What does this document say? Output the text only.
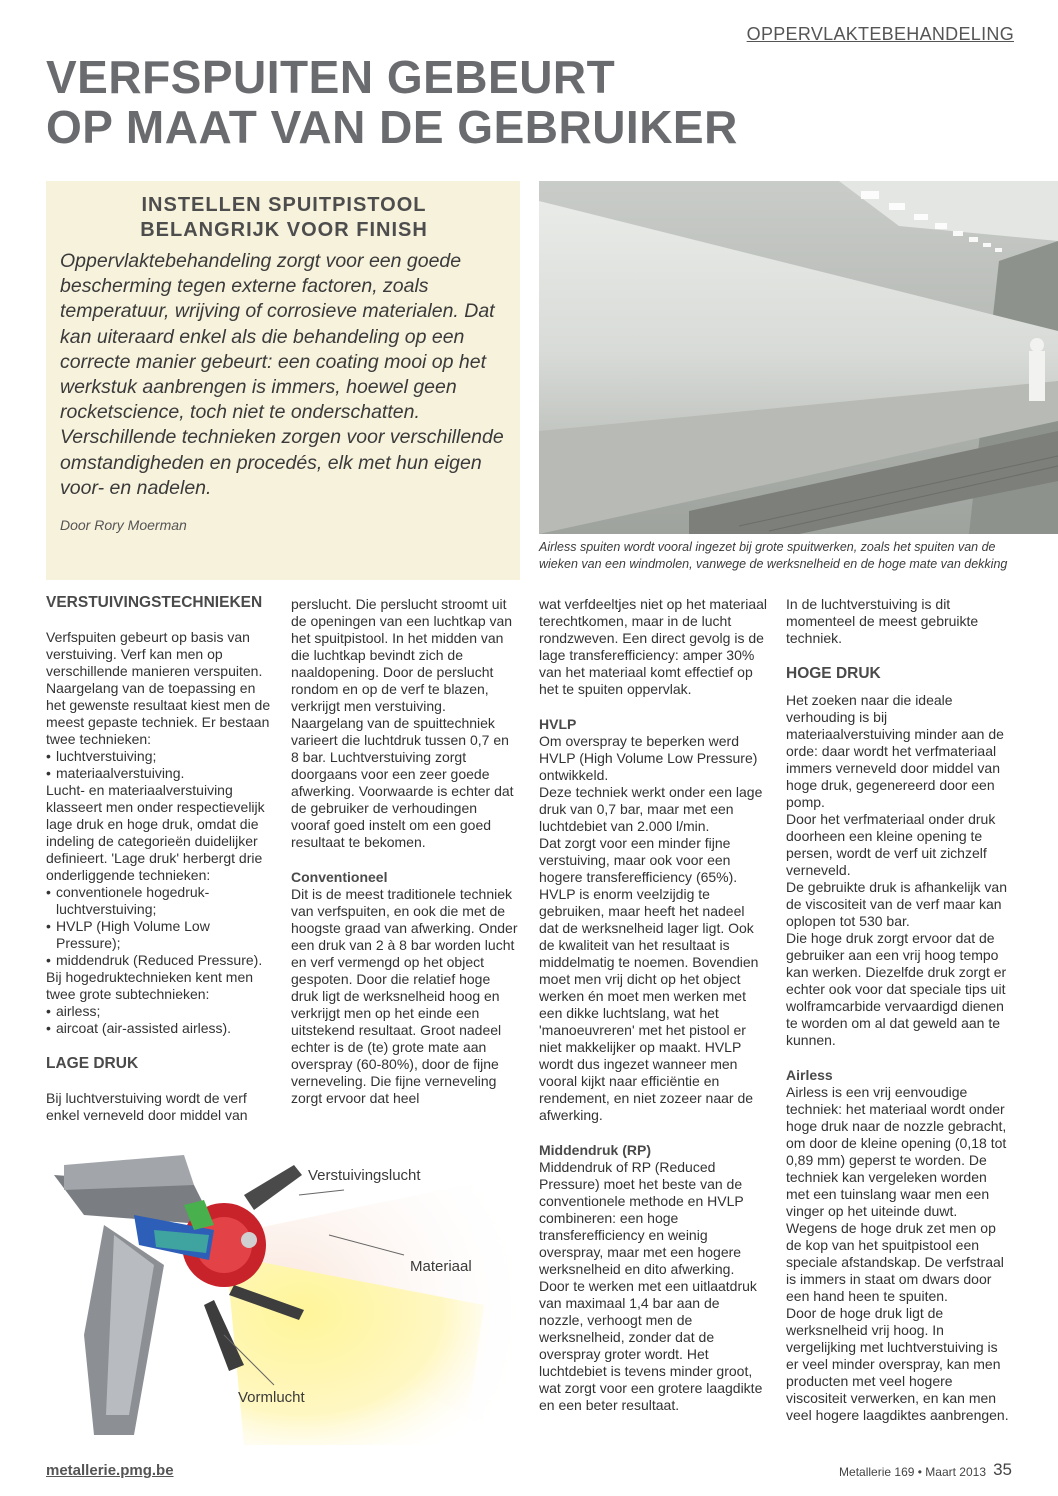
OPPERVLAKTEBEHANDELING
VERFSPUITEN GEBEURT
OP MAAT VAN DE GEBRUIKER
INSTELLEN SPUITPISTOOL
BELANGRIJK VOOR FINISH

Oppervlaktebehandeling zorgt voor een goede bescherming tegen externe factoren, zoals temperatuur, wrijving of corrosieve materialen. Dat kan uiteraard enkel als die behandeling op een correcte manier gebeurt: een coating mooi op het werkstuk aanbrengen is immers, hoewel geen rocketscience, toch niet te onderschatten. Verschillende technieken zorgen voor verschillende omstandigheden en procedés, elk met hun eigen voor- en nadelen.

Door Rory Moerman

Airless spuiten wordt vooral ingezet bij grote spuitwerken, zoals het spuiten van de wieken van een windmolen, vanwege de werksnelheid en de hoge mate van dekking

VERSTUIVINGSTECHNIEKEN

Verfspuiten gebeurt op basis van verstuiving. Verf kan men op verschillende manieren verspuiten. Naargelang van de toepassing en het gewenste resultaat kiest men de meest gepaste techniek. Er bestaan twee technieken:

• luchtverstuiving;
• materiaalverstuiving.

Lucht- en materiaalverstuiving klasseert men onder respectievelijk lage druk en hoge druk, omdat die indeling de categorieën duidelijker definieert. 'Lage druk' herbergt drie onderliggende technieken:

• conventionele hogedruk-luchtverstuiving;
• HVLP (High Volume Low Pressure);
• middendruk (Reduced Pressure).

Bij hogedruktechnieken kent men twee grote subtechnieken:

• airless;
• aircoat (air-assisted airless).

LAGE DRUK

Bij luchtverstuiving wordt de verf enkel verneveld door middel van

perslucht. Die perslucht stroomt uit de openingen van een luchtkap van het spuitpistool. In het midden van die luchtkap bevindt zich de naaldopening. Door de perslucht rondom en op de verf te blazen, verkrijgt men verstuiving. Naargelang van de spuittechniek varieert die luchtdruk tussen 0,7 en 8 bar. Luchtverstuiving zorgt doorgaans voor een zeer goede afwerking. Voorwaarde is echter dat de gebruiker de verhoudingen vooraf goed instelt om een goed resultaat te bekomen.

Conventioneel

Dit is de meest traditionele techniek van verfspuiten, en ook die met de hoogste graad van afwerking. Onder een druk van 2 à 8 bar worden lucht en verf vermengd op het object gespoten. Door die relatief hoge druk ligt de werksnelheid hoog en verkrijgt men op het einde een uitstekend resultaat. Groot nadeel echter is de (te) grote mate aan overspray (60-80%), door de fijne verneveling. Die fijne verneveling zorgt ervoor dat heel

wat verfdeeltjes niet op het materiaal terechtkomen, maar in de lucht rondzweven. Een direct gevolg is de lage transferefficiency: amper 30% van het materiaal komt effectief op het te spuiten oppervlak.

HVLP

Om overspray te beperken werd HVLP (High Volume Low Pressure) ontwikkeld.

Deze techniek werkt onder een lage druk van 0,7 bar, maar met een luchtdebiet van 2.000 l/min.

Dat zorgt voor een minder fijne verstuiving, maar ook voor een hogere transferefficiency (65%). HVLP is enorm veelzijdig te gebruiken, maar heeft het nadeel dat de werksnelheid lager ligt. Ook de kwaliteit van het resultaat is middelmatig te noemen. Bovendien moet men vrij dicht op het object werken én moet men werken met een dikke luchtslang, wat het 'manoeuvreren' met het pistool er niet makkelijker op maakt. HVLP wordt dus ingezet wanneer men vooral kijkt naar efficiëntie en rendement, en niet zozeer naar de afwerking.

Middendruk (RP)

Middendruk of RP (Reduced Pressure) moet het beste van de conventionele methode en HVLP combineren: een hoge transferefficiency en weinig overspray, maar met een hogere werksnelheid en dito afwerking.

Door te werken met een uitlaatdruk van maximaal 1,4 bar aan de nozzle, verhoogt men de werksnelheid, zonder dat de overspray groter wordt. Het luchtdebiet is tevens minder groot, wat zorgt voor een grotere laagdikte en een beter resultaat.

In de luchtverstuiving is dit momenteel de meest gebruikte techniek.

HOGE DRUK

Het zoeken naar die ideale verhouding is bij materiaalverstuiving minder aan de orde: daar wordt het verfmateriaal immers verneveld door middel van hoge druk, gegenereerd door een pomp.

Door het verfmateriaal onder druk doorheen een kleine opening te persen, wordt de verf uit zichzelf verneveld.

De gebruikte druk is afhankelijk van de viscositeit van de verf maar kan oplopen tot 530 bar.

Die hoge druk zorgt ervoor dat de gebruiker aan een vrij hoog tempo kan werken. Diezelfde druk zorgt er echter ook voor dat speciale tips uit wolframcarbide vervaardigd dienen te worden om al dat geweld aan te kunnen.

Airless

Airless is een vrij eenvoudige techniek: het materiaal wordt onder hoge druk naar de nozzle gebracht, om door de kleine opening (0,18 tot 0,89 mm) geperst te worden. De techniek kan vergeleken worden met een tuinslang waar men een vinger op het uiteinde duwt.

Wegens de hoge druk zet men op de kop van het spuitpistool een speciale afstandskap. De verfstraal is immers in staat om dwars door een hand heen te spuiten.

Door de hoge druk ligt de werksnelheid vrij hoog. In vergelijking met luchtverstuiving is er veel minder overspray, kan men producten met veel hogere viscositeit verwerken, en kan men veel hogere laagdiktes aanbrengen.

Verstuivingslucht
Materiaal
Vormlucht
metallerie.pmg.be	Metallerie 169 • Maart 2013 35
